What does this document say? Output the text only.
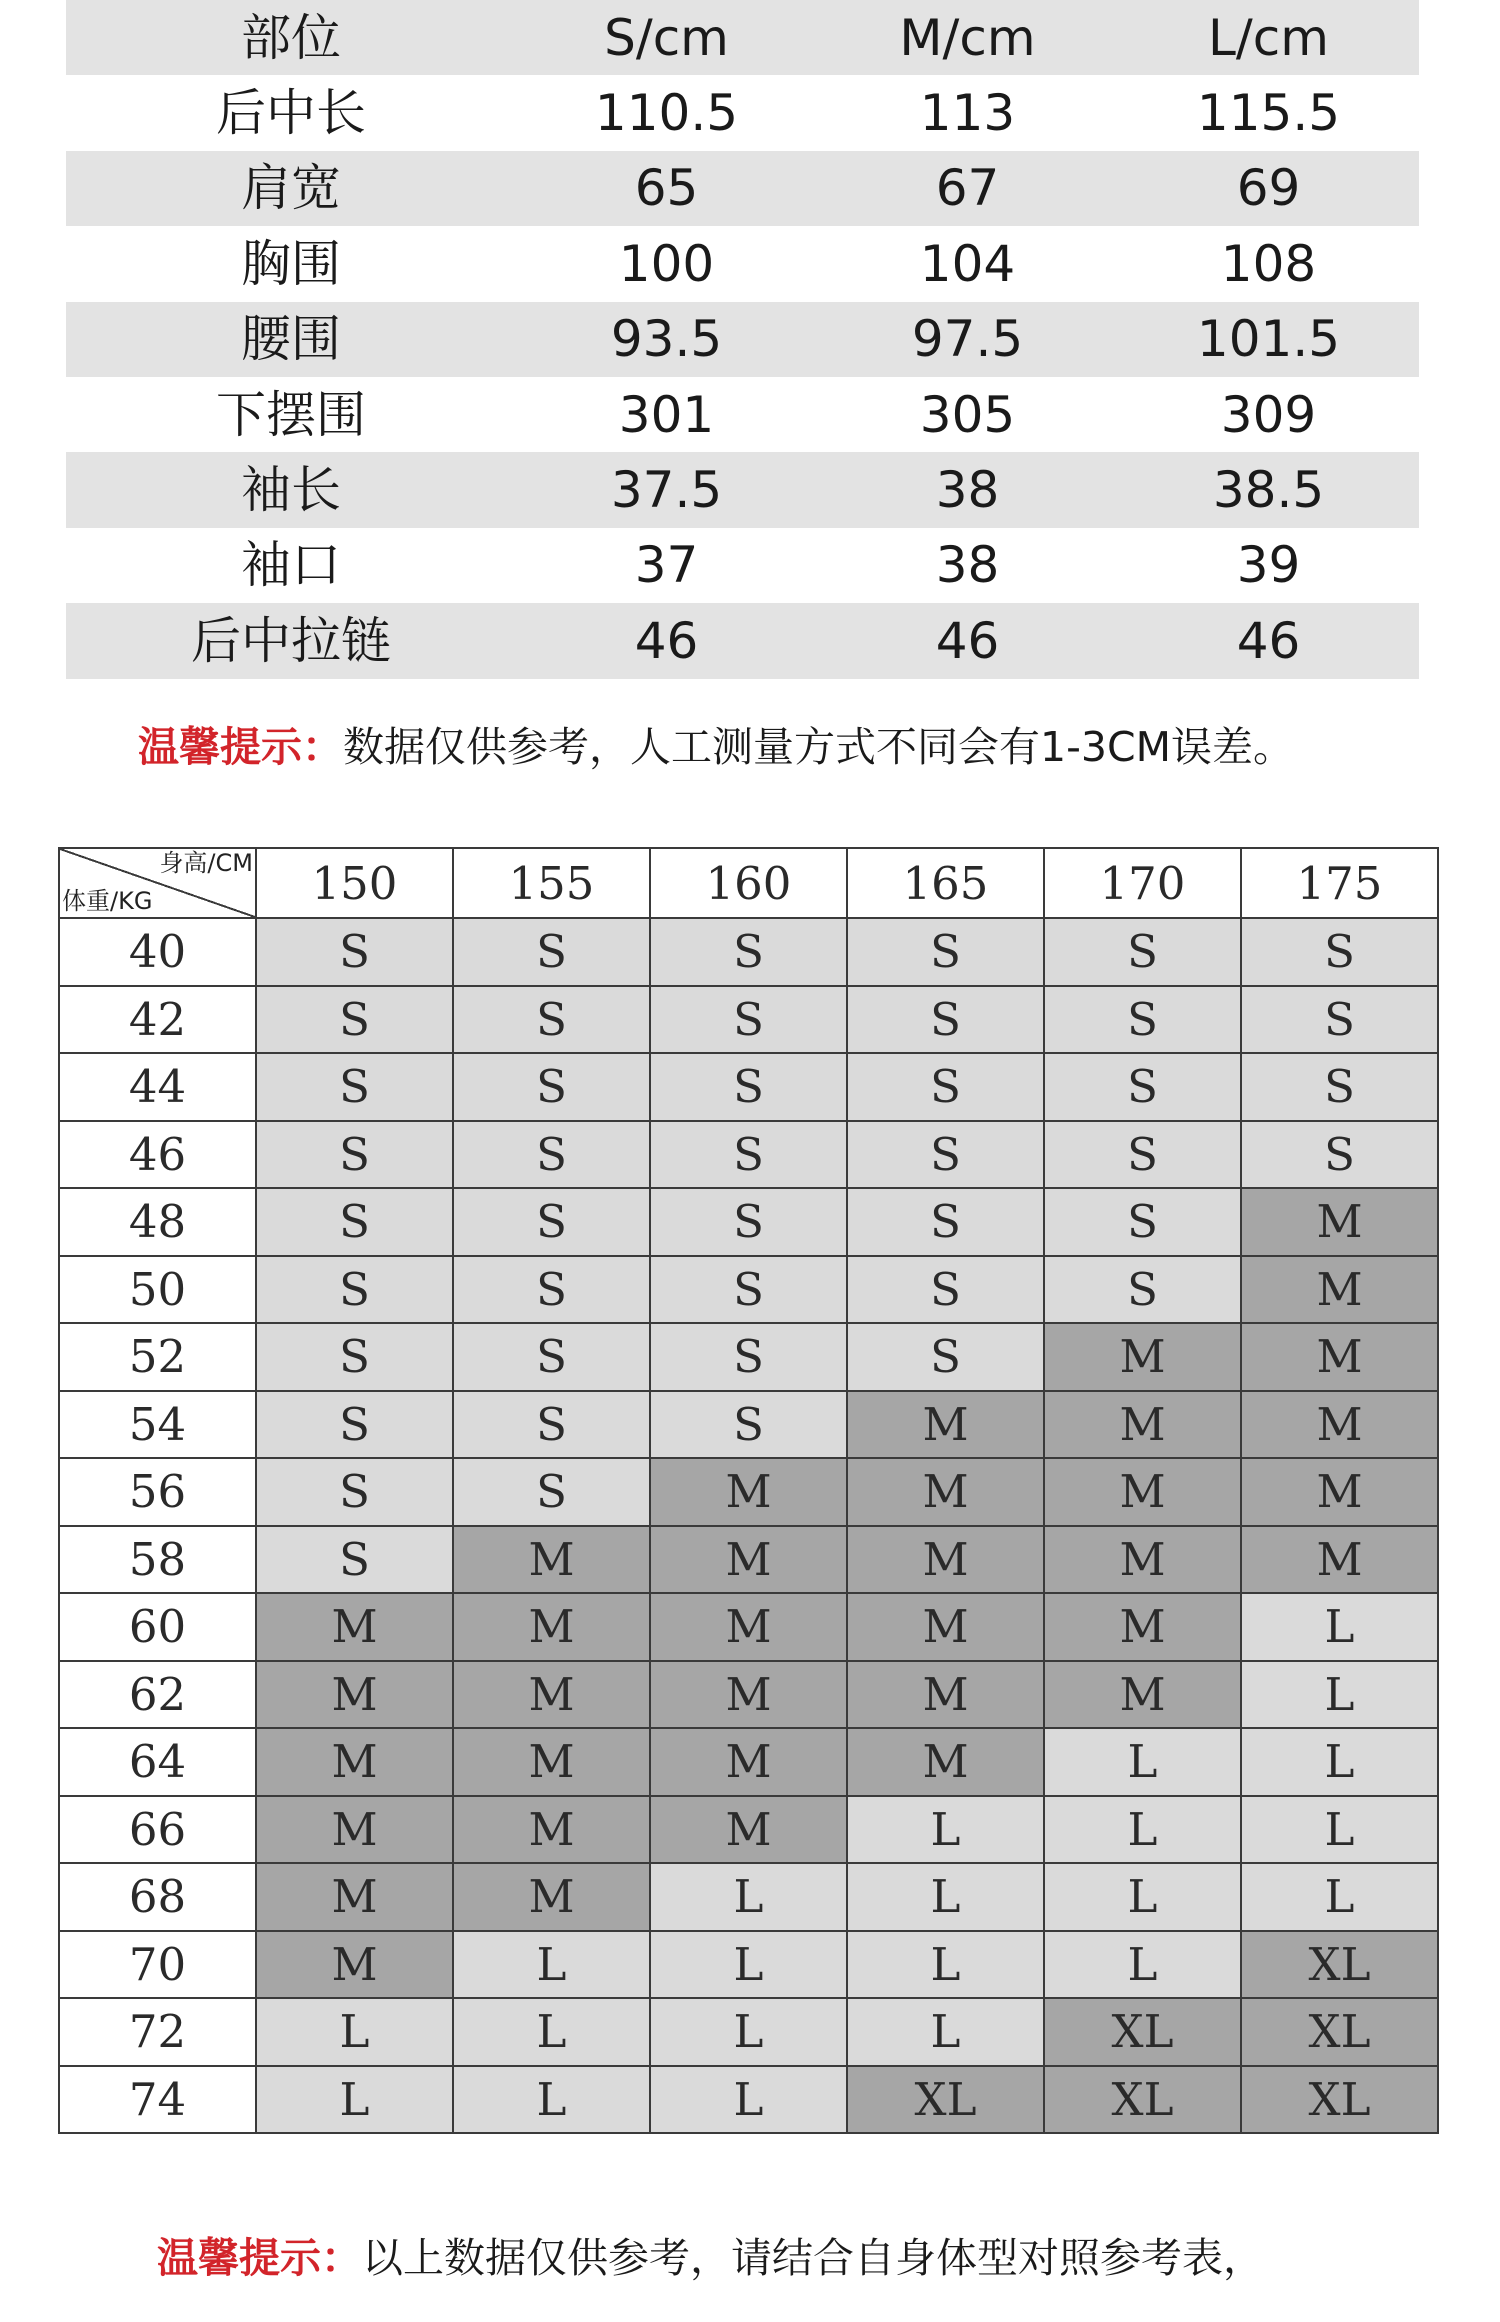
部位	S/cm	M/cm	L/cm
后中长	110.5	113	115.5
肩宽	65	67	69
胸围	100	104	108
腰围	93.5	97.5	101.5
下摆围	301	305	309
袖长	37.5	38	38.5
袖口	37	38	39
后中拉链	46	46	46
温馨提示：数据仅供参考，人工测量方式不同会有1-3CM误差。
身高/CM
体重/KG	150	155	160	165	170	175
40	S	S	S	S	S	S
42	S	S	S	S	S	S
44	S	S	S	S	S	S
46	S	S	S	S	S	S
48	S	S	S	S	S	M
50	S	S	S	S	S	M
52	S	S	S	S	M	M
54	S	S	S	M	M	M
56	S	S	M	M	M	M
58	S	M	M	M	M	M
60	M	M	M	M	M	L
62	M	M	M	M	M	L
64	M	M	M	M	L	L
66	M	M	M	L	L	L
68	M	M	L	L	L	L
70	M	L	L	L	L	XL
72	L	L	L	L	XL	XL
74	L	L	L	XL	XL	XL
温馨提示：以上数据仅供参考，请结合自身体型对照参考表，
